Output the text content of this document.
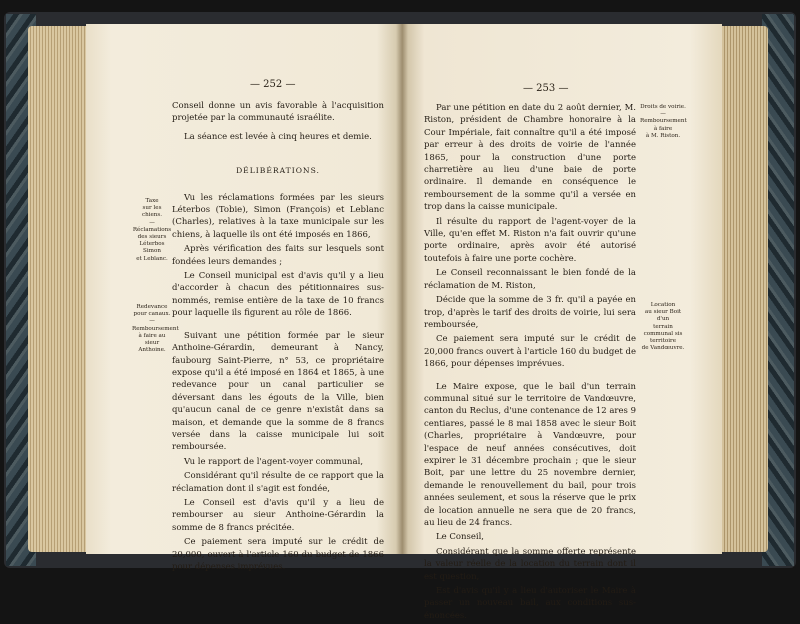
— 252 —	— 253 —

Conseil donne un avis favorable à l'acquisition projetée par la communauté israélite.

La séance est levée à cinq heures et demie.

DÉLIBÉRATIONS.

Vu les réclamations formées par les sieurs Léterbos (Tobie), Simon (François) et Leblanc (Charles), relatives à la taxe municipale sur les chiens, à laquelle ils ont été imposés en 1866,

Après vérification des faits sur lesquels sont fondées leurs demandes ;

Le Conseil municipal est d'avis qu'il y a lieu d'accorder à chacun des pétitionnaires sus-nommés, remise entière de la taxe de 10 francs pour laquelle ils figurent au rôle de 1866.

Suivant une pétition formée par le sieur Anthoine-Gérardin, demeurant à Nancy, faubourg Saint-Pierre, n° 53, ce propriétaire expose qu'il a été imposé en 1864 et 1865, à une redevance pour un canal particulier se déversant dans les égouts de la Ville, bien qu'aucun canal de ce genre n'existât dans sa maison, et demande que la somme de 8 francs versée dans la caisse municipale lui soit remboursée.

Vu le rapport de l'agent-voyer communal,

Considérant qu'il résulte de ce rapport que la réclamation dont il s'agit est fondée,

Le Conseil est d'avis qu'il y a lieu de rembourser au sieur Anthoine-Gérardin la somme de 8 francs précitée.

Ce paiement sera imputé sur le crédit de 20,000, ouvert à l'article 160 du budget de 1866 pour dépenses imprévues.

Taxe
sur les chiens.
—
Réclamations
des sieurs
Léterbos Simon
et Leblanc.
Redevance
pour canaux.
—
Remboursement
à faire au
sieur Anthoine.

Par une pétition en date du 2 août dernier, M. Riston, président de Chambre honoraire à la Cour Impériale, fait connaître qu'il a été imposé par erreur à des droits de voirie de l'année 1865, pour la construction d'une porte charretière au lieu d'une baie de porte ordinaire. Il demande en conséquence le remboursement de la somme qu'il a versée en trop dans la caisse municipale.

Il résulte du rapport de l'agent-voyer de la Ville, qu'en effet M. Riston n'a fait ouvrir qu'une porte ordinaire, après avoir été autorisé toutefois à faire une porte cochère.

Le Conseil reconnaissant le bien fondé de la réclamation de M. Riston,

Décide que la somme de 3 fr. qu'il a payée en trop, d'après le tarif des droits de voirie, lui sera remboursée,

Ce paiement sera imputé sur le crédit de 20,000 francs ouvert à l'article 160 du budget de 1866, pour dépenses imprévues.

Le Maire expose, que le bail d'un terrain communal situé sur le territoire de Vandœuvre, canton du Reclus, d'une contenance de 12 ares 9 centiares, passé le 8 mai 1858 avec le sieur Boit (Charles, propriétaire à Vandœuvre, pour l'espace de neuf années consécutives, doit expirer le 31 décembre prochain ; que le sieur Boit, par une lettre du 25 novembre dernier, demande le renouvellement du bail, pour trois années seulement, et sous la réserve que le prix de location annuelle ne sera que de 20 francs, au lieu de 24 francs.

Le Conseil,

Considérant que la somme offerte représente la valeur réelle de la location du terrain dont il est question,

Est d'avis qu'il y a lieu d'autoriser le Maire à passer un nouveau bail, aux conditions sus-énoncées.

Droits de voirie.
—
Remboursement
à faire
à M. Riston.
Location
au sieur Boit
d'un
terrain
communal sis
territoire
de Vandœuvre.
